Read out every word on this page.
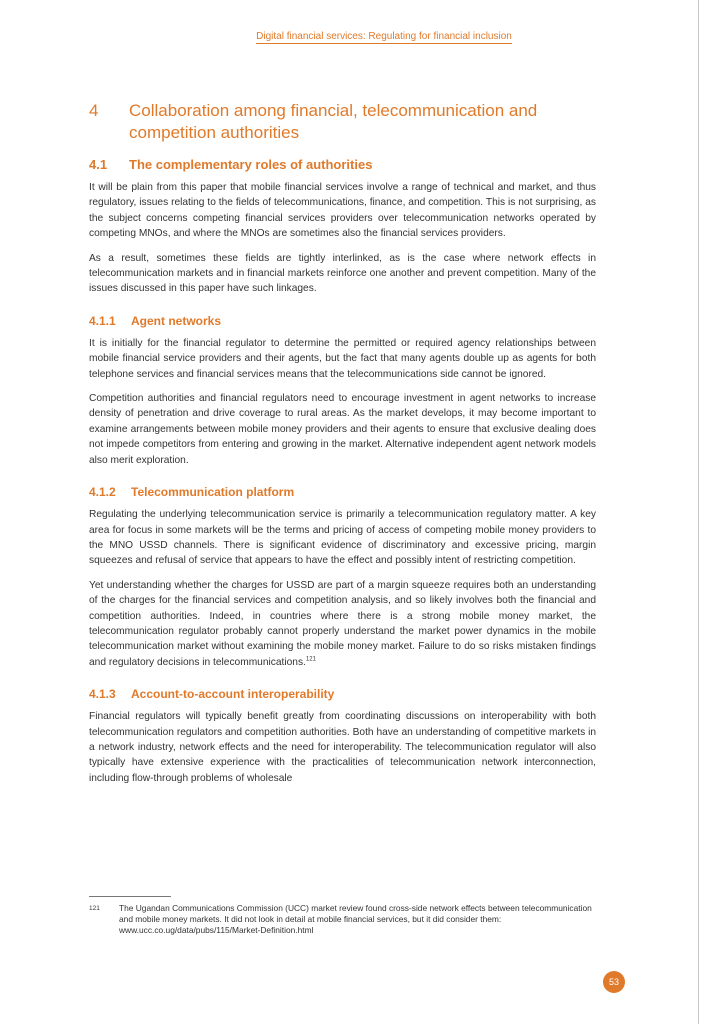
Digital financial services: Regulating for financial inclusion
4	Collaboration among financial, telecommunication and competition authorities
4.1	The complementary roles of authorities

It will be plain from this paper that mobile financial services involve a range of technical and market, and thus regulatory, issues relating to the fields of telecommunications, finance, and competition. This is not surprising, as the subject concerns competing financial services providers over telecommunication networks operated by competing MNOs, and where the MNOs are sometimes also the financial services providers.

As a result, sometimes these fields are tightly interlinked, as is the case where network effects in telecommunication markets and in financial markets reinforce one another and prevent competition. Many of the issues discussed in this paper have such linkages.

4.1.1	Agent networks

It is initially for the financial regulator to determine the permitted or required agency relationships between mobile financial service providers and their agents, but the fact that many agents double up as agents for both telephone services and financial services means that the telecommunications side cannot be ignored.

Competition authorities and financial regulators need to encourage investment in agent networks to increase density of penetration and drive coverage to rural areas. As the market develops, it may become important to examine arrangements between mobile money providers and their agents to ensure that exclusive dealing does not impede competitors from entering and growing in the market. Alternative independent agent network models also merit exploration.

4.1.2	Telecommunication platform

Regulating the underlying telecommunication service is primarily a telecommunication regulatory matter. A key area for focus in some markets will be the terms and pricing of access of competing mobile money providers to the MNO USSD channels. There is significant evidence of discriminatory and excessive pricing, margin squeezes and refusal of service that appears to have the effect and possibly intent of restricting competition.

Yet understanding whether the charges for USSD are part of a margin squeeze requires both an understanding of the charges for the financial services and competition analysis, and so likely involves both the financial and competition authorities. Indeed, in countries where there is a strong mobile money market, the telecommunication regulator probably cannot properly understand the market power dynamics in the mobile telecommunication market without examining the mobile money market. Failure to do so risks mistaken findings and regulatory decisions in telecommunications.$^{121}$

4.1.3	Account-to-account interoperability

Financial regulators will typically benefit greatly from coordinating discussions on interoperability with both telecommunication regulators and competition authorities. Both have an understanding of competitive markets in a network industry, network effects and the need for interoperability. The telecommunication regulator will also typically have extensive experience with the practicalities of telecommunication network interconnection, including flow-through problems of wholesale

121	The Ugandan Communications Commission (UCC) market review found cross-side network effects between telecommunication and mobile money markets. It did not look in detail at mobile financial services, but it did consider them: www.ucc.co.ug/data/pubs/115/Market-Definition.html
53
